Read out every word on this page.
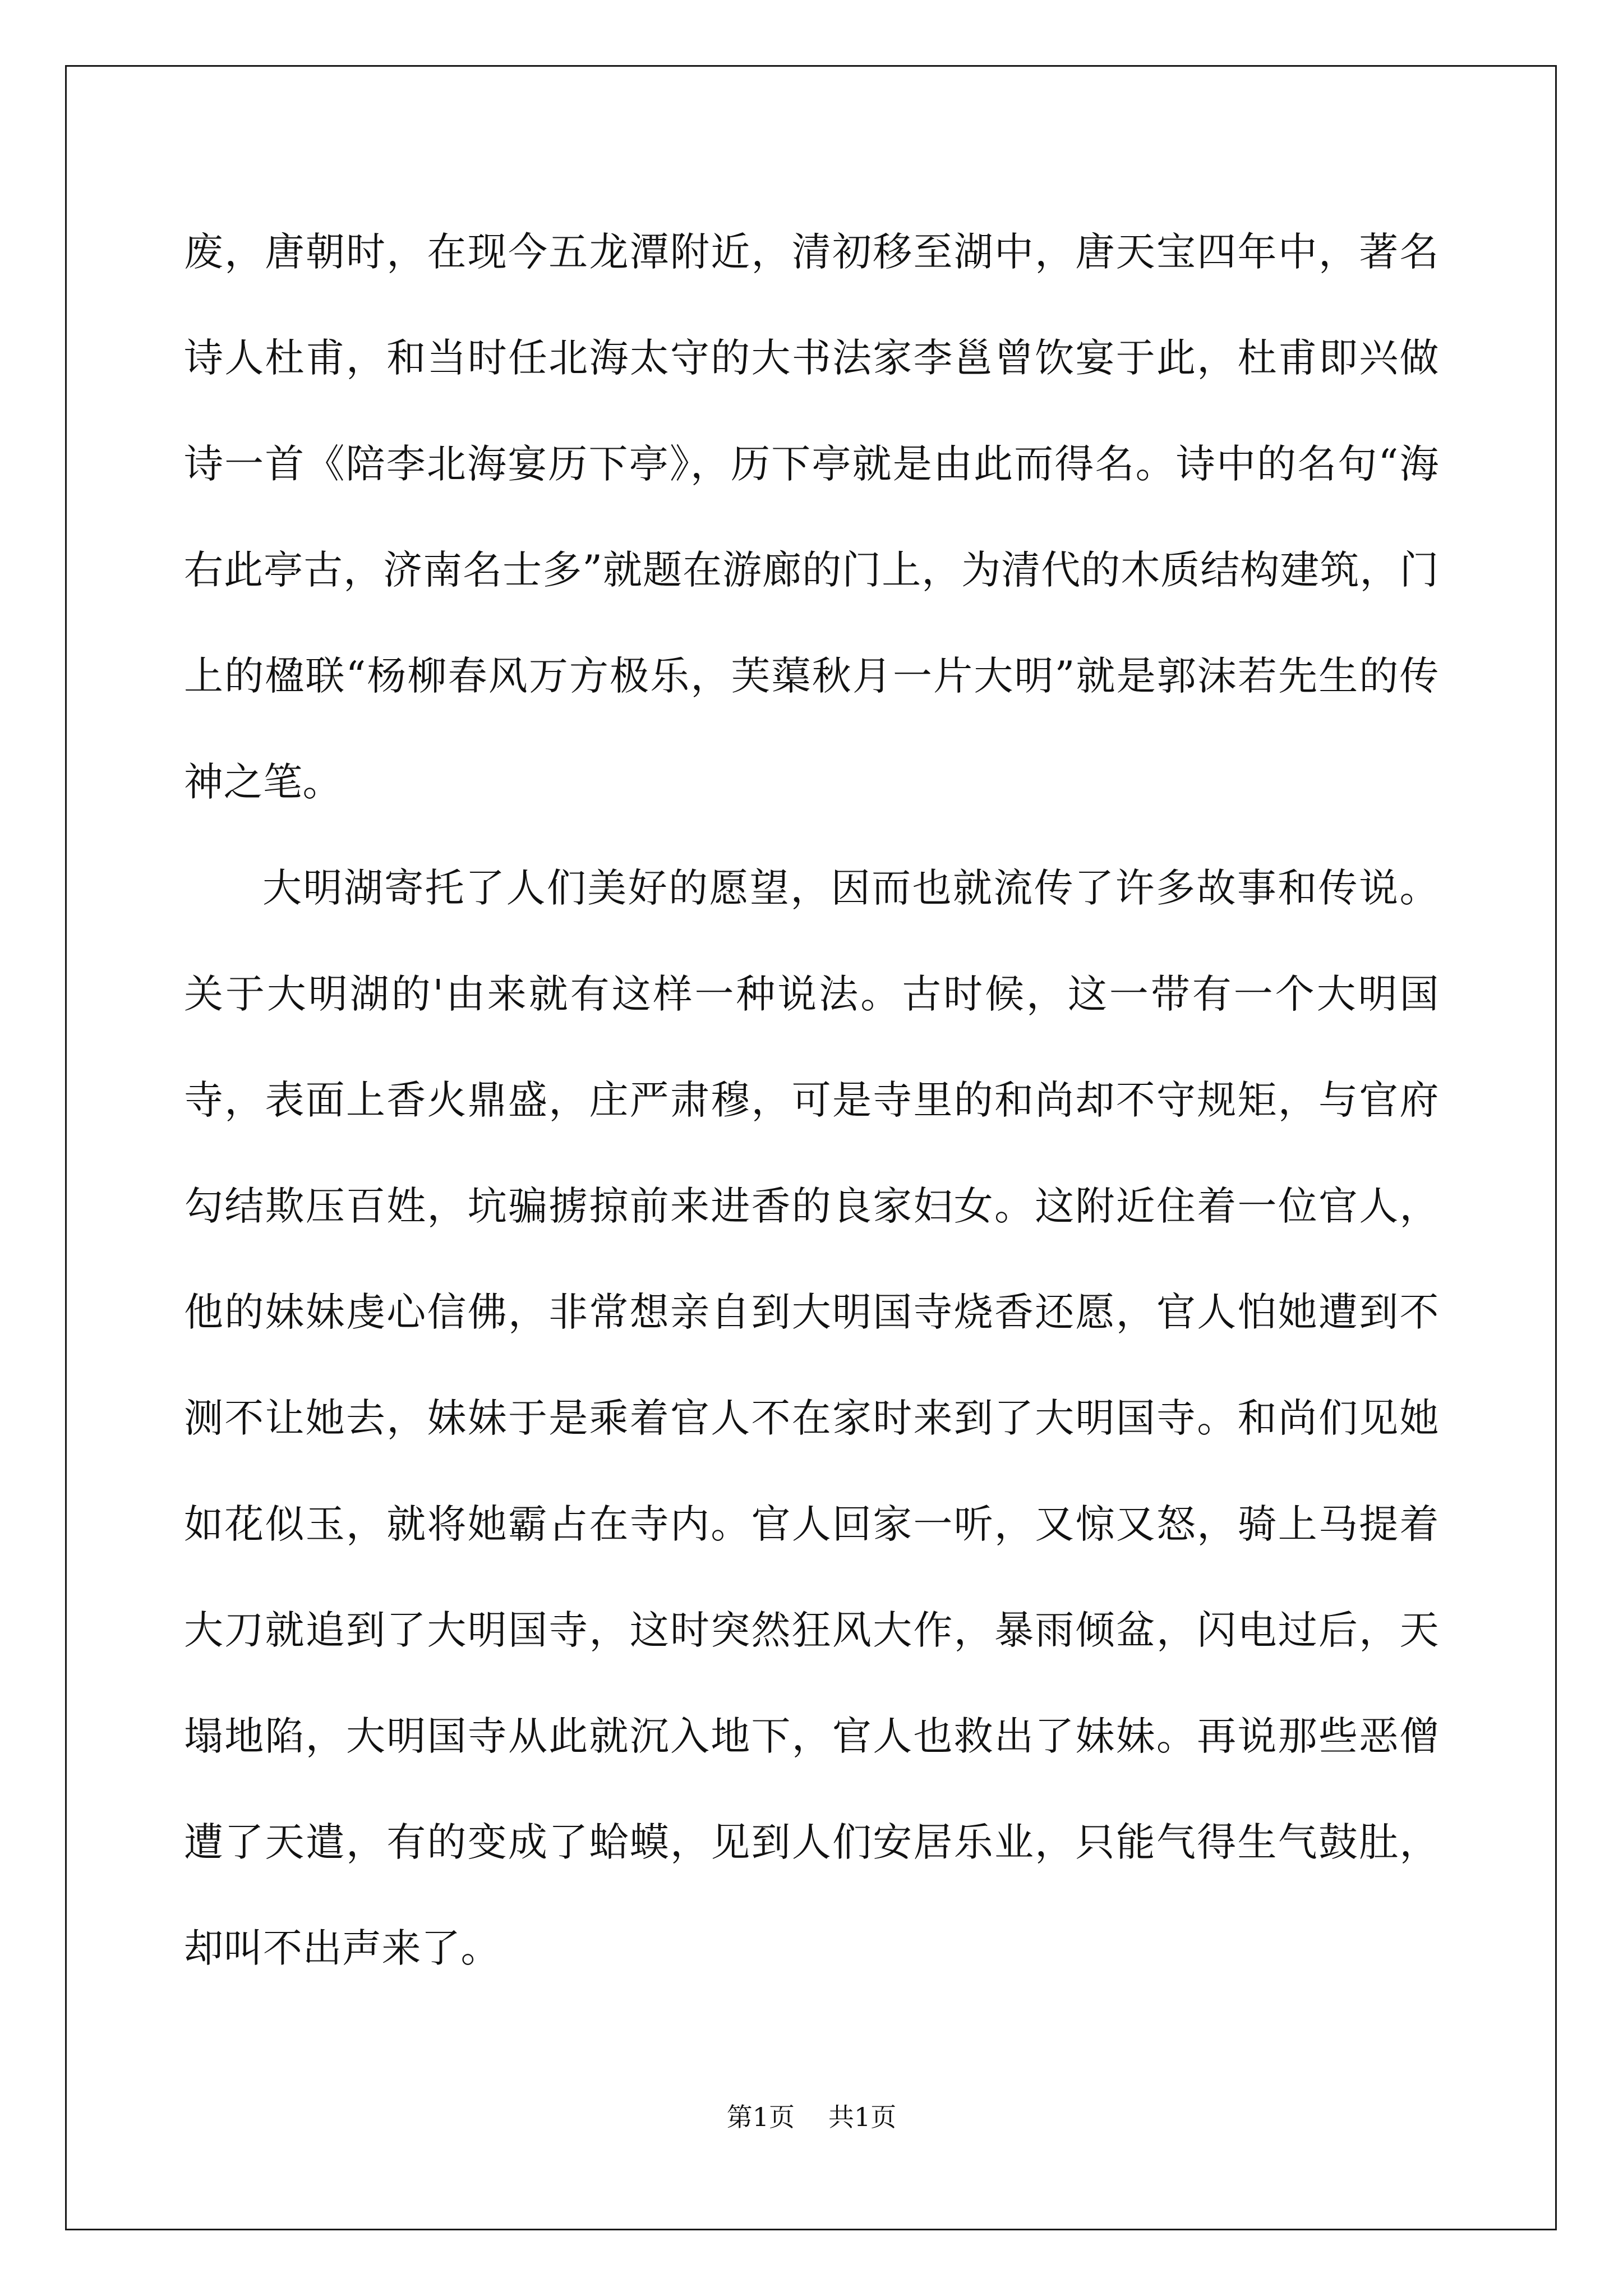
废，唐朝时，在现今五龙潭附近，清初移至湖中，唐天宝四年中，著名诗人杜甫，和当时任北海太守的大书法家李邕曾饮宴于此，杜甫即兴做诗一首《陪李北海宴历下亭》，历下亭就是由此而得名。诗中的名句“海右此亭古，济南名士多”就题在游廊的门上，为清代的木质结构建筑，门上的楹联“杨柳春风万方极乐，芙蕖秋月一片大明”就是郭沫若先生的传神之笔。

大明湖寄托了人们美好的愿望，因而也就流传了许多故事和传说。关于大明湖的'由来就有这样一种说法。古时候，这一带有一个大明国寺，表面上香火鼎盛，庄严肃穆，可是寺里的和尚却不守规矩，与官府勾结欺压百姓，坑骗掳掠前来进香的良家妇女。这附近住着一位官人，他的妹妹虔心信佛，非常想亲自到大明国寺烧香还愿，官人怕她遭到不测不让她去，妹妹于是乘着官人不在家时来到了大明国寺。和尚们见她如花似玉，就将她霸占在寺内。官人回家一听，又惊又怒，骑上马提着大刀就追到了大明国寺，这时突然狂风大作，暴雨倾盆，闪电过后，天塌地陷，大明国寺从此就沉入地下，官人也救出了妹妹。再说那些恶僧遭了天遣，有的变成了蛤蟆，见到人们安居乐业，只能气得生气鼓肚，却叫不出声来了。

第1页 共1页
